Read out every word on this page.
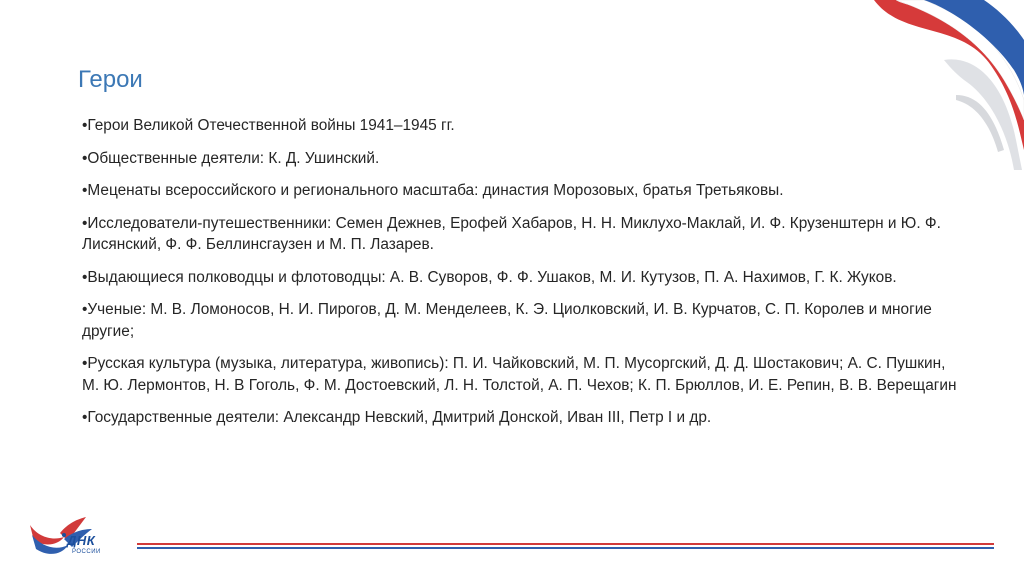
Герои
• Герои Великой Отечественной войны 1941–1945 гг.
• Общественные деятели: К. Д. Ушинский.
• Меценаты всероссийского и регионального масштаба: династия Морозовых, братья Третьяковы.
• Исследователи-путешественники: Семен Дежнев, Ерофей Хабаров, Н. Н. Миклухо-Маклай, И. Ф. Крузенштерн и Ю. Ф. Лисянский, Ф. Ф. Беллинсгаузен и М. П. Лазарев.
• Выдающиеся полководцы и флотоводцы: А. В. Суворов, Ф. Ф. Ушаков, М. И. Кутузов, П. А. Нахимов, Г. К. Жуков.
• Ученые: М. В. Ломоносов, Н. И. Пирогов, Д. М. Менделеев, К. Э. Циолковский, И. В. Курчатов, С. П. Королев и многие другие;
• Русская культура (музыка, литература, живопись): П. И. Чайковский, М. П. Мусоргский, Д. Д. Шостакович; А. С. Пушкин, М. Ю. Лермонтов, Н. В Гоголь, Ф. М. Достоевский, Л. Н. Толстой, А. П. Чехов; К. П. Брюллов, И. Е. Репин, В. В. Верещагин
• Государственные деятели: Александр Невский, Дмитрий Донской, Иван III, Петр I и др.
ДНК
РОССИИ
